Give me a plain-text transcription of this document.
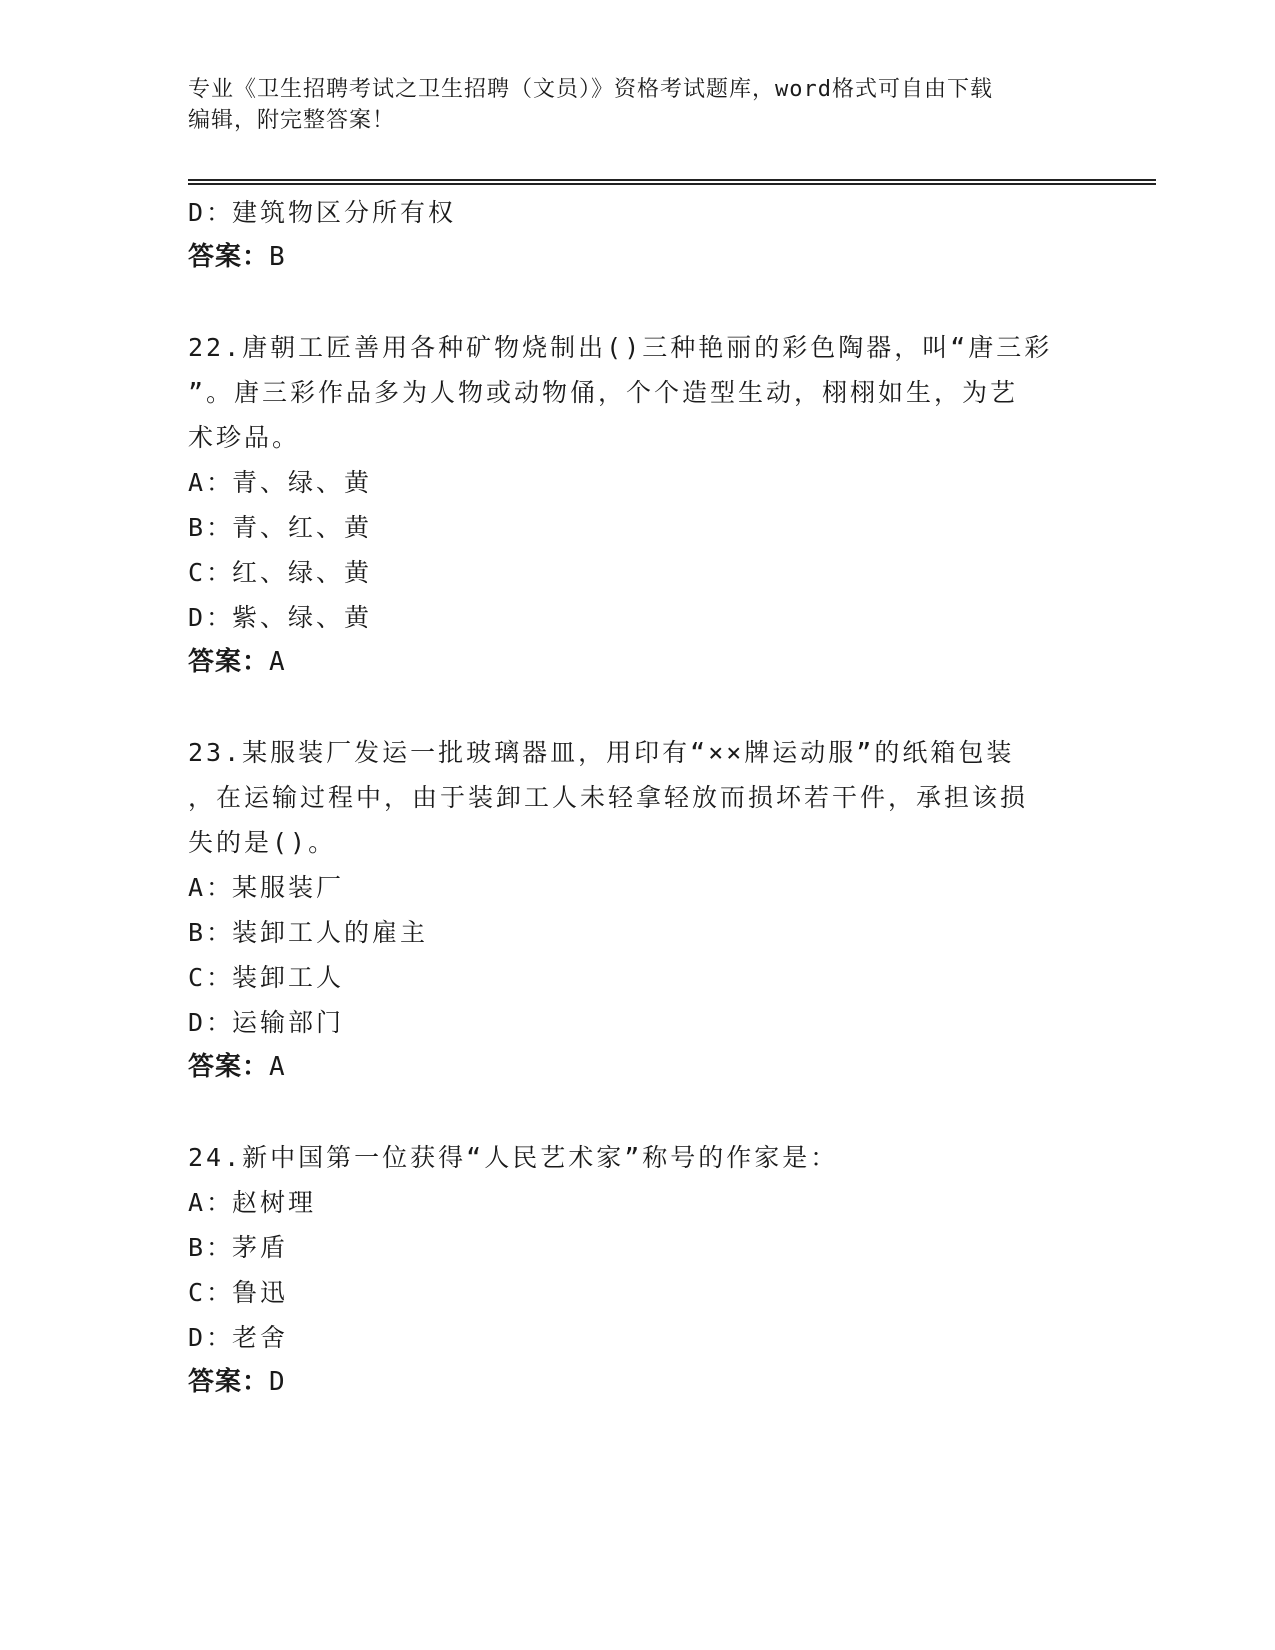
专业《卫生招聘考试之卫生招聘（文员）》资格考试题库，word格式可自由下载
编辑，附完整答案！
D：建筑物区分所有权
答案：B
22.唐朝工匠善用各种矿物烧制出()三种艳丽的彩色陶器，叫“唐三彩
”。唐三彩作品多为人物或动物俑，个个造型生动，栩栩如生，为艺
术珍品。
A：青、绿、黄
B：青、红、黄
C：红、绿、黄
D：紫、绿、黄
答案：A
23.某服装厂发运一批玻璃器皿，用印有“××牌运动服”的纸箱包装
，在运输过程中，由于装卸工人未轻拿轻放而损坏若干件，承担该损
失的是()。
A：某服装厂
B：装卸工人的雇主
C：装卸工人
D：运输部门
答案：A
24.新中国第一位获得“人民艺术家”称号的作家是：
A：赵树理
B：茅盾
C：鲁迅
D：老舍
答案：D
